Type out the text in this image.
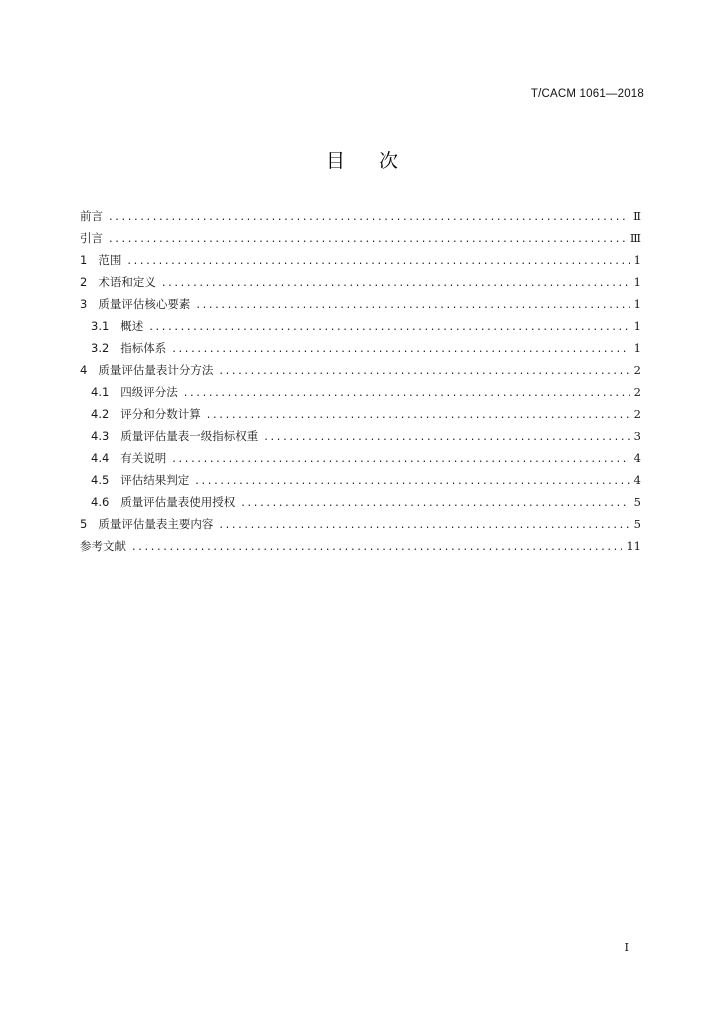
T/CACM 1061—2018
目 次
前言 .....	Ⅱ
引言 .....	Ⅲ
1 范围 .....	1
2 术语和定义 .....	1
3 质量评估核心要素 .....	1
3.1 概述 .....	1
3.2 指标体系 .....	1
4 质量评估量表计分方法 .....	2
4.1 四级评分法 .....	2
4.2 评分和分数计算 .....	2
4.3 质量评估量表一级指标权重 .....	3
4.4 有关说明 .....	4
4.5 评估结果判定 .....	4
4.6 质量评估量表使用授权 .....	5
5 质量评估量表主要内容 .....	5
参考文献 .....	11
I
